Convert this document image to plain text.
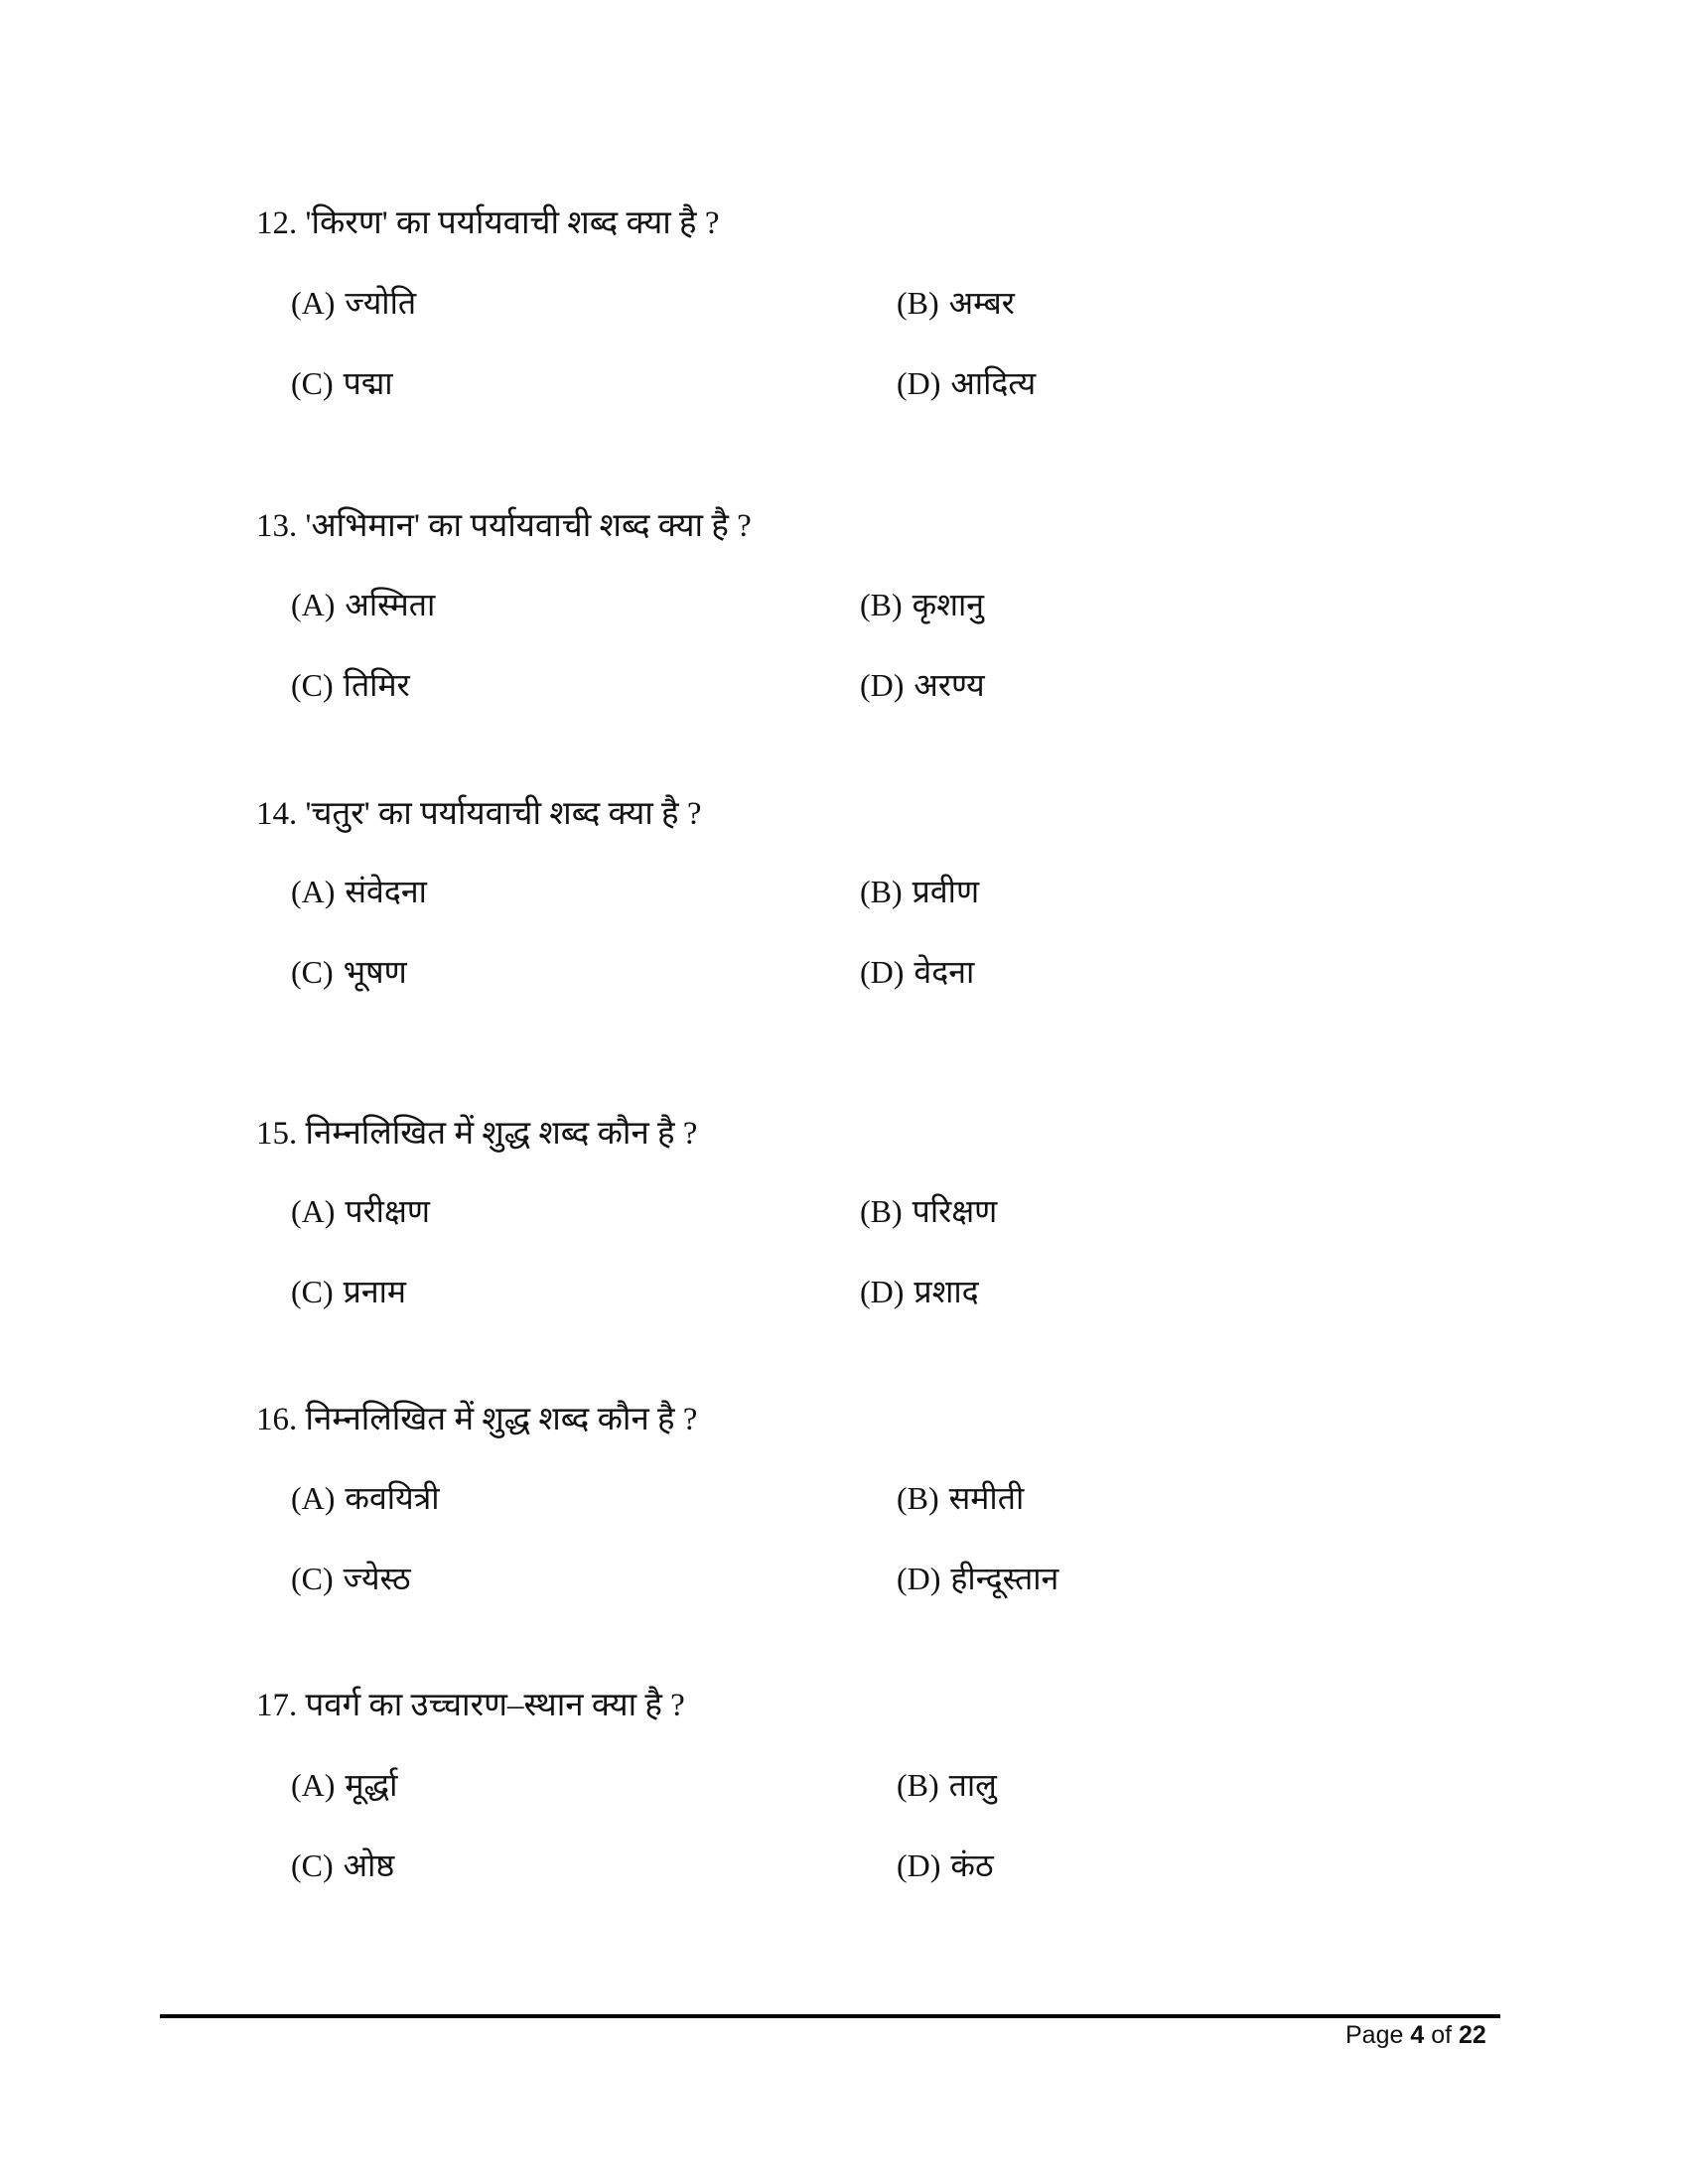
12. 'किरण' का पर्यायवाची शब्द क्या है ?
(A) ज्योति	(B) अम्बर
(C) पद्मा	(D) आदित्य
13. 'अभिमान' का पर्यायवाची शब्द क्या है ?
(A) अस्मिता	(B) कृशानु
(C) तिमिर	(D) अरण्य
14. 'चतुर' का पर्यायवाची शब्द क्या है ?
(A) संवेदना	(B) प्रवीण
(C) भूषण	(D) वेदना
15. निम्नलिखित में शुद्ध शब्द कौन है ?
(A) परीक्षण	(B) परिक्षण
(C) प्रनाम	(D) प्रशाद
16. निम्नलिखित में शुद्ध शब्द कौन है ?
(A) कवयित्री	(B) समीती
(C) ज्येस्ठ	(D) हीन्दूस्तान
17. पवर्ग का उच्चारण–स्थान क्या है ?
(A) मूर्द्धा	(B) तालु
(C) ओष्ठ	(D) कंठ
Page 4 of 22
